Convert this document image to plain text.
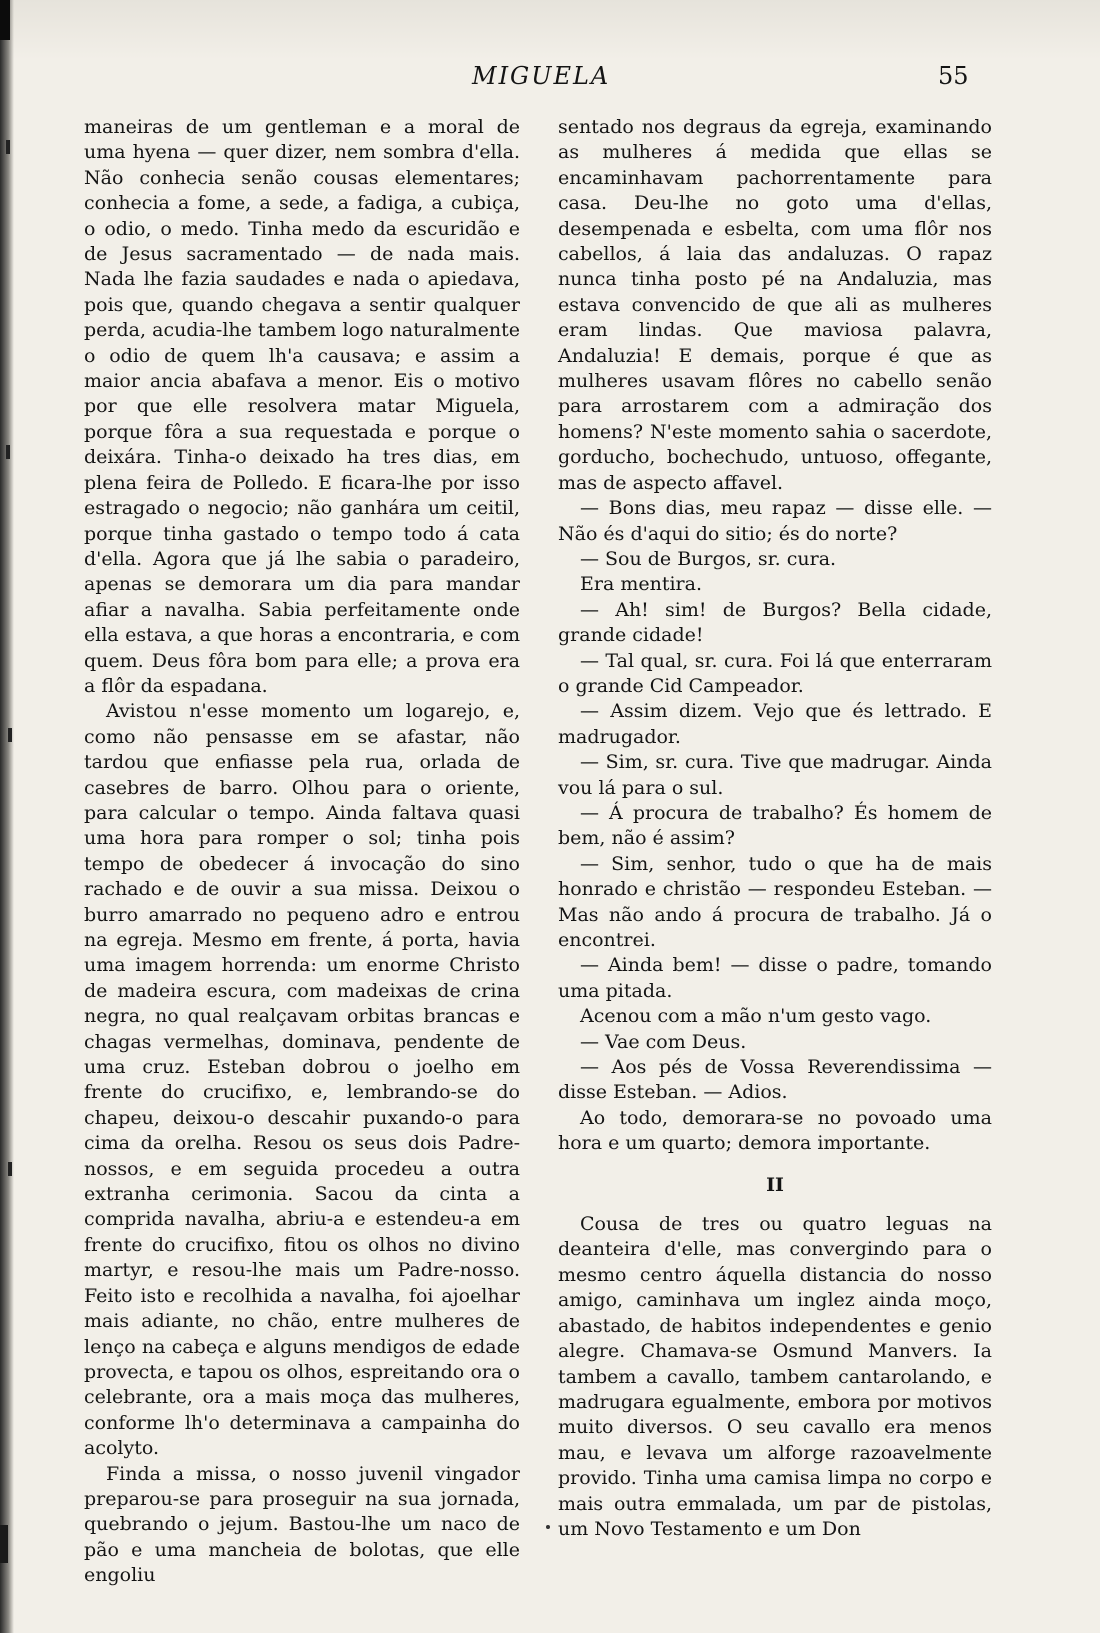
MIGUELA	55

maneiras de um gentleman e a moral de uma hyena — quer dizer, nem sombra d'ella. Não conhecia senão cousas elementares; conhecia a fome, a sede, a fadiga, a cubiça, o odio, o medo. Tinha medo da escuridão e de Jesus sacramentado — de nada mais. Nada lhe fazia saudades e nada o apiedava, pois que, quando chegava a sentir qualquer perda, acudia-lhe tambem logo naturalmente o odio de quem lh'a causava; e assim a maior ancia abafava a menor. Eis o motivo por que elle resolvera matar Miguela, porque fôra a sua requestada e porque o deixára. Tinha-o deixado ha tres dias, em plena feira de Polledo. E ficara-lhe por isso estragado o negocio; não ganhára um ceitil, porque tinha gastado o tempo todo á cata d'ella. Agora que já lhe sabia o paradeiro, apenas se demorara um dia para mandar afiar a navalha. Sabia perfeitamente onde ella estava, a que horas a encontraria, e com quem. Deus fôra bom para elle; a prova era a flôr da espadana.

Avistou n'esse momento um logarejo, e, como não pensasse em se afastar, não tardou que enfiasse pela rua, orlada de casebres de barro. Olhou para o oriente, para calcular o tempo. Ainda faltava quasi uma hora para romper o sol; tinha pois tempo de obedecer á invocação do sino rachado e de ouvir a sua missa. Deixou o burro amarrado no pequeno adro e entrou na egreja. Mesmo em frente, á porta, havia uma imagem horrenda: um enorme Christo de madeira escura, com madeixas de crina negra, no qual realçavam orbitas brancas e chagas vermelhas, dominava, pendente de uma cruz. Esteban dobrou o joelho em frente do crucifixo, e, lembrando-se do chapeu, deixou-o descahir puxando-o para cima da orelha. Resou os seus dois Padre-nossos, e em seguida procedeu a outra extranha cerimonia. Sacou da cinta a comprida navalha, abriu-a e estendeu-a em frente do crucifixo, fitou os olhos no divino martyr, e resou-lhe mais um Padre-nosso. Feito isto e recolhida a navalha, foi ajoelhar mais adiante, no chão, entre mulheres de lenço na cabeça e alguns mendigos de edade provecta, e tapou os olhos, espreitando ora o celebrante, ora a mais moça das mulheres, conforme lh'o determinava a campainha do acolyto.

Finda a missa, o nosso juvenil vingador preparou-se para proseguir na sua jornada, quebrando o jejum. Bastou-lhe um naco de pão e uma mancheia de bolotas, que elle engoliu

sentado nos degraus da egreja, examinando as mulheres á medida que ellas se encaminhavam pachorrentamente para casa. Deu-lhe no goto uma d'ellas, desempenada e esbelta, com uma flôr nos cabellos, á laia das andaluzas. O rapaz nunca tinha posto pé na Andaluzia, mas estava convencido de que ali as mulheres eram lindas. Que maviosa palavra, Andaluzia! E demais, porque é que as mulheres usavam flôres no cabello senão para arrostarem com a admiração dos homens? N'este momento sahia o sacerdote, gorducho, bochechudo, untuoso, offegante, mas de aspecto affavel.

— Bons dias, meu rapaz — disse elle. — Não és d'aqui do sitio; és do norte?

— Sou de Burgos, sr. cura.

Era mentira.

— Ah! sim! de Burgos? Bella cidade, grande cidade!

— Tal qual, sr. cura. Foi lá que enterraram o grande Cid Campeador.

— Assim dizem. Vejo que és lettrado. E madrugador.

— Sim, sr. cura. Tive que madrugar. Ainda vou lá para o sul.

— Á procura de trabalho? És homem de bem, não é assim?

— Sim, senhor, tudo o que ha de mais honrado e christão — respondeu Esteban. — Mas não ando á procura de trabalho. Já o encontrei.

— Ainda bem! — disse o padre, tomando uma pitada.

Acenou com a mão n'um gesto vago.

— Vae com Deus.

— Aos pés de Vossa Reverendissima — disse Esteban. — Adios.

Ao todo, demorara-se no povoado uma hora e um quarto; demora importante.

II

Cousa de tres ou quatro leguas na deanteira d'elle, mas convergindo para o mesmo centro áquella distancia do nosso amigo, caminhava um inglez ainda moço, abastado, de habitos independentes e genio alegre. Chamava-se Osmund Manvers. Ia tambem a cavallo, tambem cantarolando, e madrugara egualmente, embora por motivos muito diversos. O seu cavallo era menos mau, e levava um alforge razoavelmente provido. Tinha uma camisa limpa no corpo e mais outra emmalada, um par de pistolas, um Novo Testamento e um Don
